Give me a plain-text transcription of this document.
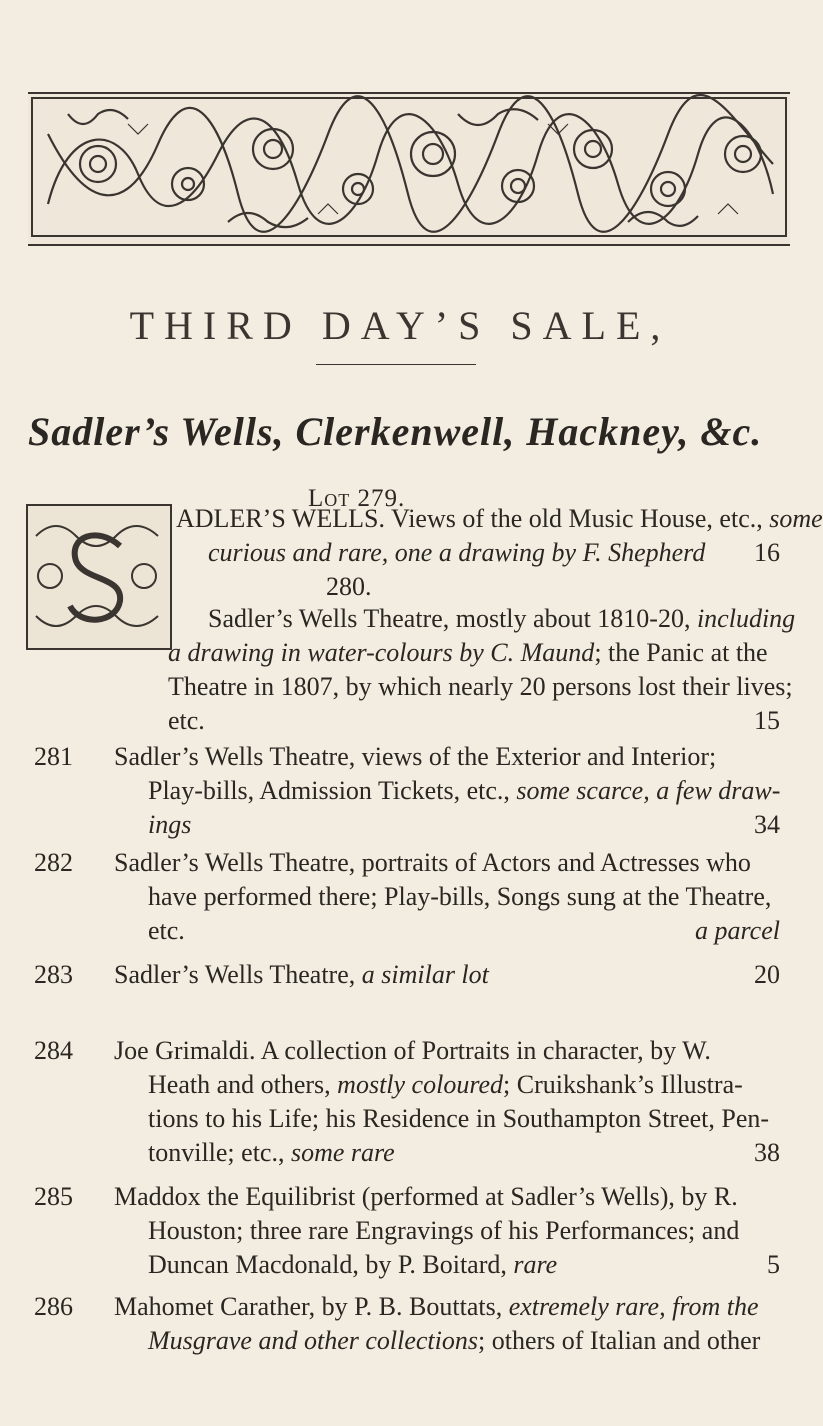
THIRD DAY’S SALE,
Sadler’s Wells, Clerkenwell, Hackney, &c.
Lot 279.
ADLER’S WELLS. Views of the old Music House, etc., some
curious and rare, one a drawing by F. Shepherd	16
280.
Sadler’s Wells Theatre, mostly about 1810-20, including
a drawing in water-colours by C. Maund; the Panic at the
Theatre in 1807, by which nearly 20 persons lost their lives;
etc.	15
281	Sadler’s Wells Theatre, views of the Exterior and Interior;
Play-bills, Admission Tickets, etc., some scarce, a few draw-
ings	34
282	Sadler’s Wells Theatre, portraits of Actors and Actresses who
have performed there; Play-bills, Songs sung at the Theatre,
etc.	a parcel
283	Sadler’s Wells Theatre, a similar lot	20
284	Joe Grimaldi. A collection of Portraits in character, by W.
Heath and others, mostly coloured; Cruikshank’s Illustra-
tions to his Life; his Residence in Southampton Street, Pen-
tonville; etc., some rare	38
285	Maddox the Equilibrist (performed at Sadler’s Wells), by R.
Houston; three rare Engravings of his Performances; and
Duncan Macdonald, by P. Boitard, rare	5
286	Mahomet Carather, by P. B. Bouttats, extremely rare, from the
Musgrave and other collections; others of Italian and other
